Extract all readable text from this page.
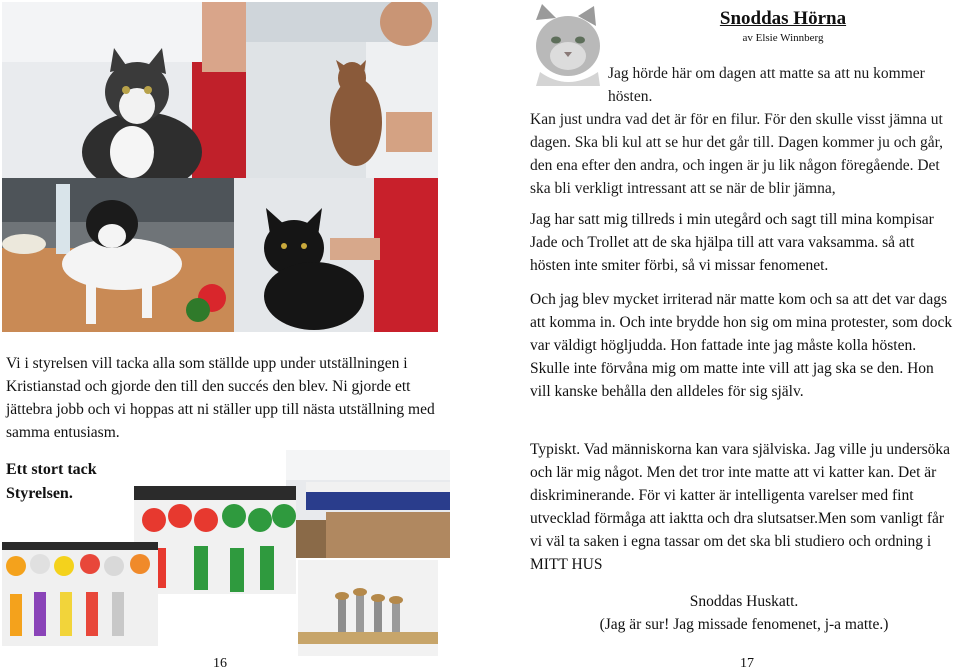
Vi i styrelsen vill tacka alla som ställde upp under utställningen i Kristianstad och gjorde den till den succés den blev. Ni gjorde ett jättebra jobb och vi hoppas att ni ställer upp till nästa utställning med samma entusiasm.

Ett stort tack
Styrelsen.
16
Snoddas Hörna
av Elsie Winnberg

Jag hörde här om dagen att matte sa att nu kommer hösten.
Kan just undra vad det är för en filur. För den skulle visst jämna ut dagen. Ska bli kul att se hur det går till. Dagen kommer ju och går, den ena efter den andra, och ingen är ju lik någon föregående. Det ska bli verkligt intressant att se när de blir jämna,

Jag har satt mig tillreds i min utegård och sagt till mina kompisar Jade och Trollet att de ska hjälpa till att vara vaksamma. så att hösten inte smiter förbi, så vi missar fenomenet.

Och jag blev mycket irriterad när matte kom och sa att det var dags att komma in. Och inte brydde hon sig om mina protester, som dock var väldigt högljudda. Hon fattade inte jag måste kolla hösten. Skulle inte förvåna mig om matte inte vill att jag ska se den. Hon vill kanske behålla den alldeles för sig själv.

Typiskt. Vad människorna kan vara själviska. Jag ville ju undersöka och lär mig något. Men det tror inte matte att vi katter kan. Det är diskriminerande. För vi katter är intelligenta varelser med fint utvecklad förmåga att iaktta och dra slutsatser.Men som vanligt får vi väl ta saken i egna tassar om det ska bli studiero och ordning i MITT HUS

Snoddas Huskatt.
(Jag är sur! Jag missade fenomenet, j-a matte.)
17
